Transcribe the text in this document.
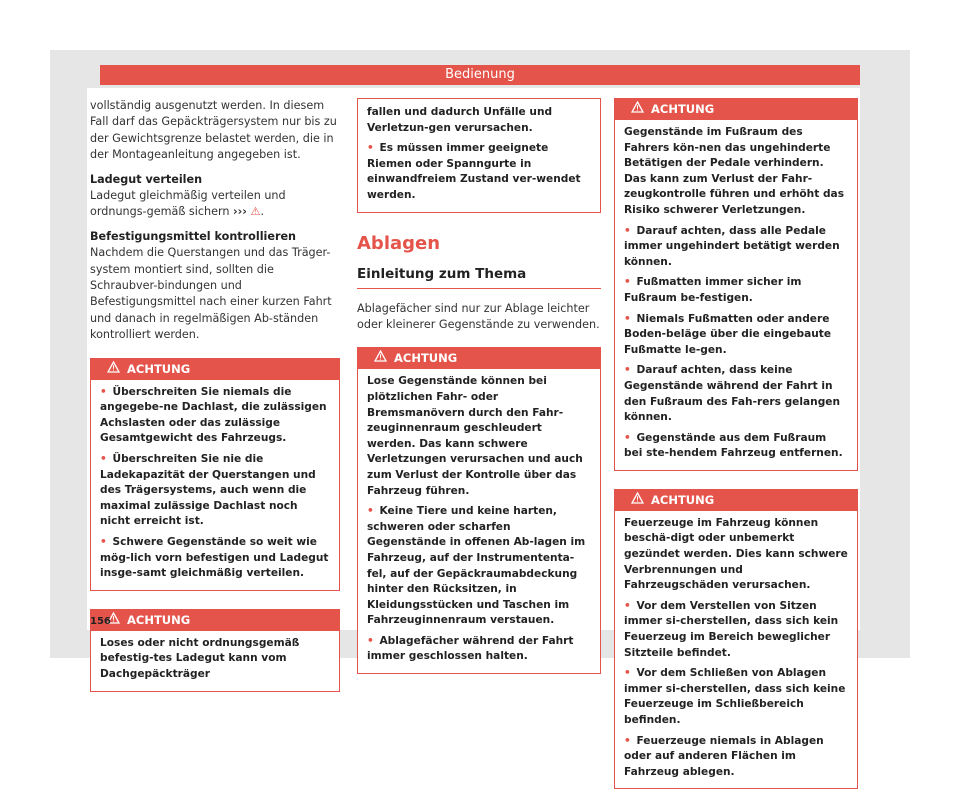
Bedienung

vollständig ausgenutzt werden. In diesem Fall darf das Gepäckträgersystem nur bis zu der Gewichtsgrenze belastet werden, die in der Montageanleitung angegeben ist.

Ladegut verteilen

Ladegut gleichmäßig verteilen und ordnungs-gemäß sichern ››› ⚠.

Befestigungsmittel kontrollieren

Nachdem die Querstangen und das Träger-system montiert sind, sollten die Schraubver-bindungen und Befestigungsmittel nach einer kurzen Fahrt und danach in regelmäßigen Ab-ständen kontrolliert werden.

ACHTUNG

• Überschreiten Sie niemals die angegebe-ne Dachlast, die zulässigen Achslasten oder das zulässige Gesamtgewicht des Fahrzeugs.

• Überschreiten Sie nie die Ladekapazität der Querstangen und des Trägersystems, auch wenn die maximal zulässige Dachlast noch nicht erreicht ist.

• Schwere Gegenstände so weit wie mög-lich vorn befestigen und Ladegut insge-samt gleichmäßig verteilen.

ACHTUNG

Loses oder nicht ordnungsgemäß befestig-tes Ladegut kann vom Dachgepäckträger

fallen und dadurch Unfälle und Verletzun-gen verursachen.

• Es müssen immer geeignete Riemen oder Spanngurte in einwandfreiem Zustand ver-wendet werden.

Ablagen
Einleitung zum Thema

Ablagefächer sind nur zur Ablage leichter oder kleinerer Gegenstände zu verwenden.

ACHTUNG

Lose Gegenstände können bei plötzlichen Fahr- oder Bremsmanövern durch den Fahr-zeuginnenraum geschleudert werden. Das kann schwere Verletzungen verursachen und auch zum Verlust der Kontrolle über das Fahrzeug führen.

• Keine Tiere und keine harten, schweren oder scharfen Gegenstände in offenen Ab-lagen im Fahrzeug, auf der Instrumententa-fel, auf der Gepäckraumabdeckung hinter den Rücksitzen, in Kleidungsstücken und Taschen im Fahrzeuginnenraum verstauen.

• Ablagefächer während der Fahrt immer geschlossen halten.

ACHTUNG

Gegenstände im Fußraum des Fahrers kön-nen das ungehinderte Betätigen der Pedale verhindern. Das kann zum Verlust der Fahr-zeugkontrolle führen und erhöht das Risiko schwerer Verletzungen.

• Darauf achten, dass alle Pedale immer ungehindert betätigt werden können.

• Fußmatten immer sicher im Fußraum be-festigen.

• Niemals Fußmatten oder andere Boden-beläge über die eingebaute Fußmatte le-gen.

• Darauf achten, dass keine Gegenstände während der Fahrt in den Fußraum des Fah-rers gelangen können.

• Gegenstände aus dem Fußraum bei ste-hendem Fahrzeug entfernen.

ACHTUNG

Feuerzeuge im Fahrzeug können beschä-digt oder unbemerkt gezündet werden. Dies kann schwere Verbrennungen und Fahrzeugschäden verursachen.

• Vor dem Verstellen von Sitzen immer si-cherstellen, dass sich kein Feuerzeug im Bereich beweglicher Sitzteile befindet.

• Vor dem Schließen von Ablagen immer si-cherstellen, dass sich keine Feuerzeuge im Schließbereich befinden.

• Feuerzeuge niemals in Ablagen oder auf anderen Flächen im Fahrzeug ablegen.

156
